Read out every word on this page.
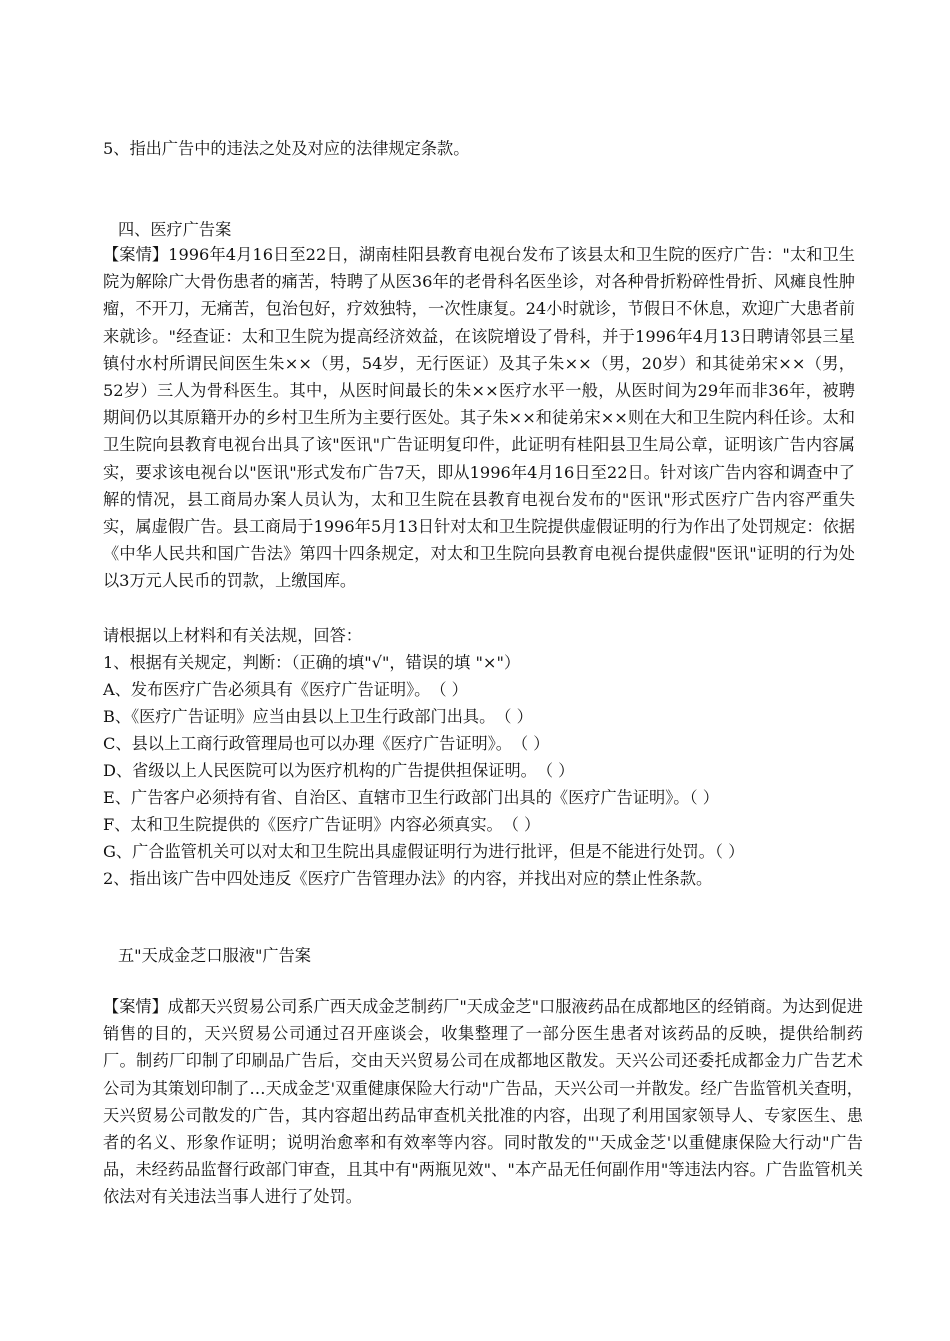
5、指出广告中的违法之处及对应的法律规定条款。
四、医疗广告案

【案情】1996年4月16日至22日，湖南桂阳县教育电视台发布了该县太和卫生院的医疗广告："太和卫生院为解除广大骨伤患者的痛苦，特聘了从医36年的老骨科名医坐诊，对各种骨折粉碎性骨折、风瘫良性肿瘤，不开刀，无痛苦，包治包好，疗效独特，一次性康复。24小时就诊，节假日不休息，欢迎广大患者前来就诊。"经查证：太和卫生院为提高经济效益，在该院增设了骨科，并于1996年4月13日聘请邻县三星镇付水村所谓民间医生朱××（男，54岁，无行医证）及其子朱××（男，20岁）和其徒弟宋××（男，52岁）三人为骨科医生。其中，从医时间最长的朱××医疗水平一般，从医时间为29年而非36年，被聘期间仍以其原籍开办的乡村卫生所为主要行医处。其子朱××和徒弟宋××则在大和卫生院内科任诊。太和卫生院向县教育电视台出具了该"医讯"广告证明复印件，此证明有桂阳县卫生局公章，证明该广告内容属实，要求该电视台以"医讯"形式发布广告7天，即从1996年4月16日至22日。针对该广告内容和调查中了解的情况，县工商局办案人员认为，太和卫生院在县教育电视台发布的"医讯"形式医疗广告内容严重失实，属虚假广告。县工商局于1996年5月13日针对太和卫生院提供虚假证明的行为作出了处罚规定：依据《中华人民共和国广告法》第四十四条规定，对太和卫生院向县教育电视台提供虚假"医讯"证明的行为处以3万元人民币的罚款，上缴国库。

请根据以上材料和有关法规，回答：
1、根据有关规定，判断：（正确的填"√"，错误的填 "×"）
A、发布医疗广告必须具有《医疗广告证明》。　（ ）
B、《医疗广告证明》应当由县以上卫生行政部门出具。　（ ）
C、县以上工商行政管理局也可以办理《医疗广告证明》。　（ ）
D、省级以上人民医院可以为医疗机构的广告提供担保证明。　（ ）
E、广告客户必须持有省、自治区、直辖市卫生行政部门出具的《医疗广告证明》。（ ）
F、太和卫生院提供的《医疗广告证明》内容必须真实。　（ ）
G、广合监管机关可以对太和卫生院出具虚假证明行为进行批评，但是不能进行处罚。（ ）
2、指出该广告中四处违反《医疗广告管理办法》的内容，并找出对应的禁止性条款。
五"天成金芝口服液"广告案

【案情】成都天兴贸易公司系广西天成金芝制药厂"天成金芝"口服液药品在成都地区的经销商。为达到促进销售的目的，天兴贸易公司通过召开座谈会，收集整理了一部分医生患者对该药品的反映，提供给制药厂。制药厂印制了印刷品广告后，交由天兴贸易公司在成都地区散发。天兴公司还委托成都金力广告艺术公司为其策划印制了…天成金芝'双重健康保险大行动"广告品，天兴公司一并散发。经广告监管机关查明，天兴贸易公司散发的广告，其内容超出药品审查机关批准的内容，出现了利用国家领导人、专家医生、患者的名义、形象作证明；说明治愈率和有效率等内容。同时散发的"'天成金芝'以重健康保险大行动"广告品，未经药品监督行政部门审查，且其中有"两瓶见效"、"本产品无任何副作用"等违法内容。广告监管机关依法对有关违法当事人进行了处罚。
